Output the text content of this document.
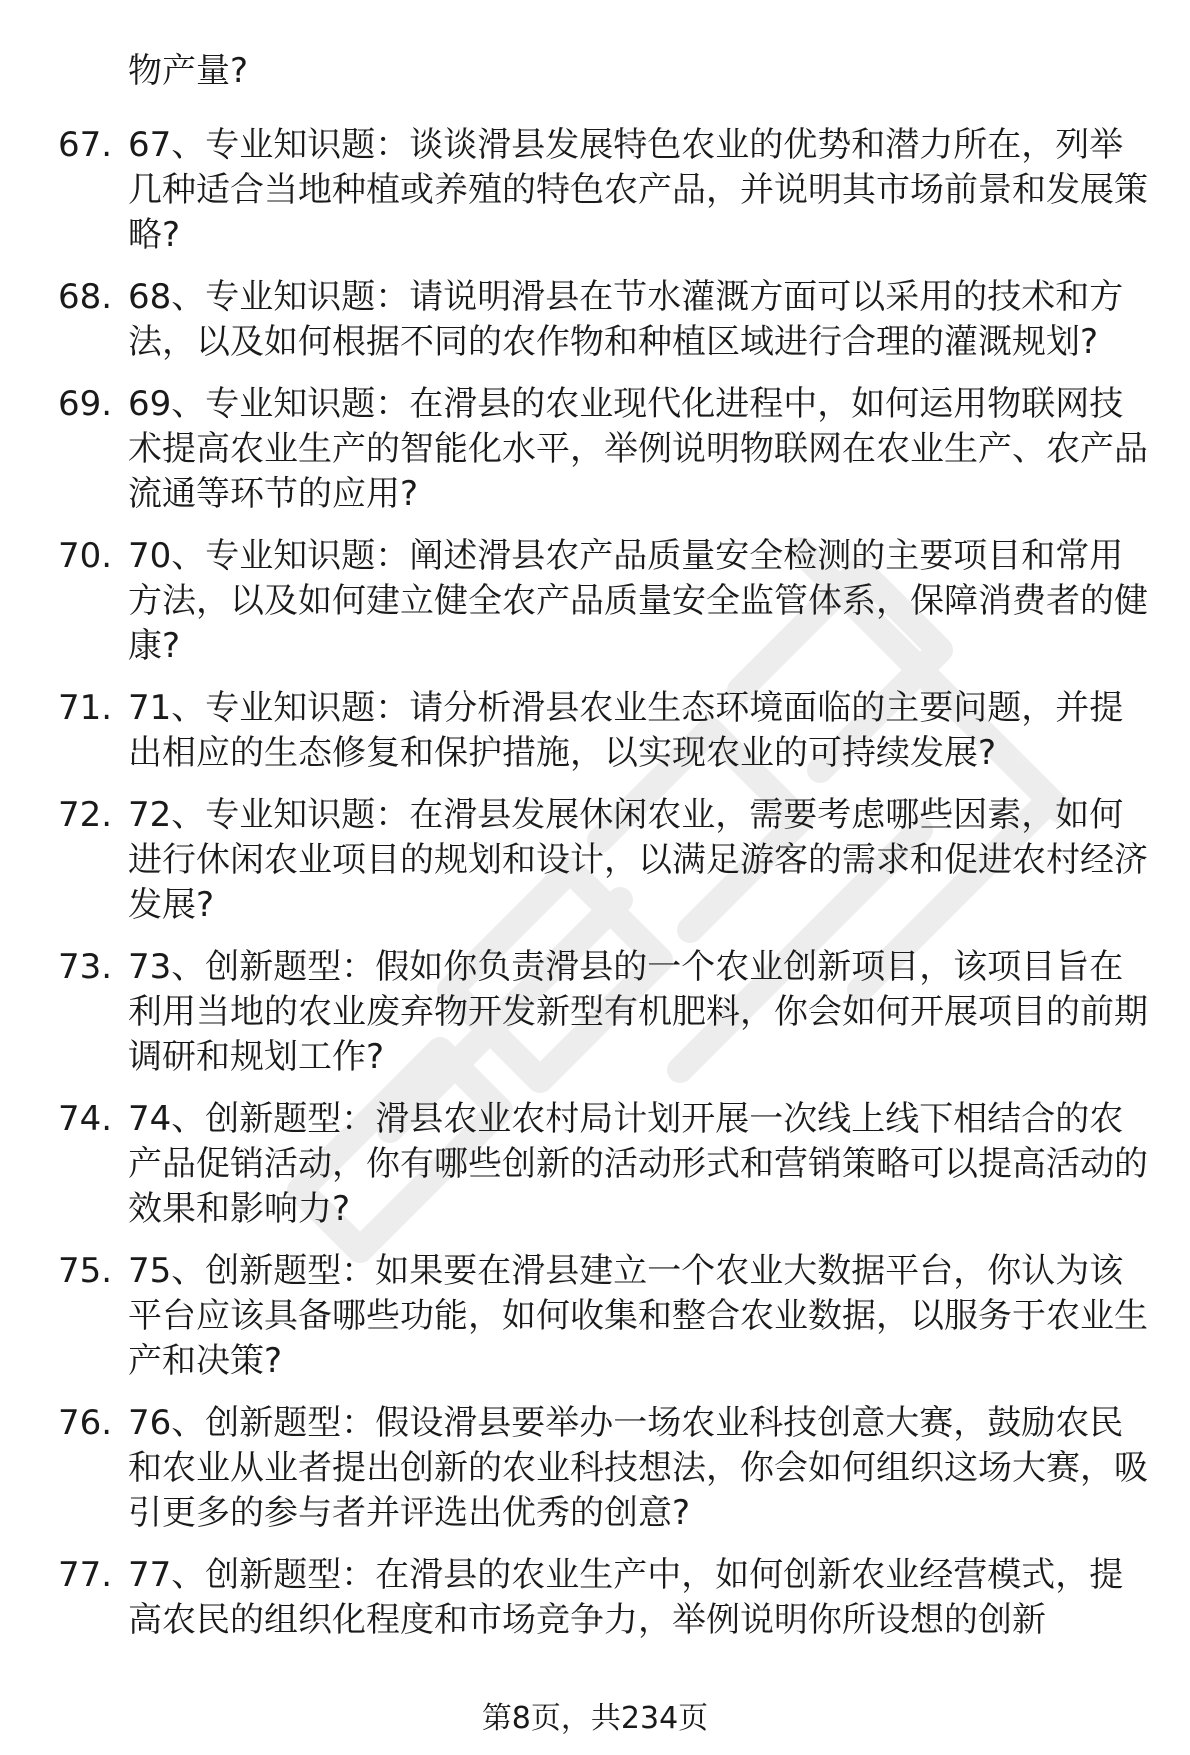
物产量?
67. 67、专业知识题：谈谈滑县发展特色农业的优势和潜力所在，列举几种适合当地种植或养殖的特色农产品，并说明其市场前景和发展策略?
68. 68、专业知识题：请说明滑县在节水灌溉方面可以采用的技术和方法，以及如何根据不同的农作物和种植区域进行合理的灌溉规划?
69. 69、专业知识题：在滑县的农业现代化进程中，如何运用物联网技术提高农业生产的智能化水平，举例说明物联网在农业生产、农产品流通等环节的应用?
70. 70、专业知识题：阐述滑县农产品质量安全检测的主要项目和常用方法，以及如何建立健全农产品质量安全监管体系，保障消费者的健康?
71. 71、专业知识题：请分析滑县农业生态环境面临的主要问题，并提出相应的生态修复和保护措施，以实现农业的可持续发展?
72. 72、专业知识题：在滑县发展休闲农业，需要考虑哪些因素，如何进行休闲农业项目的规划和设计，以满足游客的需求和促进农村经济发展?
73. 73、创新题型：假如你负责滑县的一个农业创新项目，该项目旨在利用当地的农业废弃物开发新型有机肥料，你会如何开展项目的前期调研和规划工作?
74. 74、创新题型：滑县农业农村局计划开展一次线上线下相结合的农产品促销活动，你有哪些创新的活动形式和营销策略可以提高活动的效果和影响力?
75. 75、创新题型：如果要在滑县建立一个农业大数据平台，你认为该平台应该具备哪些功能，如何收集和整合农业数据，以服务于农业生产和决策?
76. 76、创新题型：假设滑县要举办一场农业科技创意大赛，鼓励农民和农业从业者提出创新的农业科技想法，你会如何组织这场大赛，吸引更多的参与者并评选出优秀的创意?
77. 77、创新题型：在滑县的农业生产中，如何创新农业经营模式，提高农民的组织化程度和市场竞争力，举例说明你所设想的创新
第8页，共234页
